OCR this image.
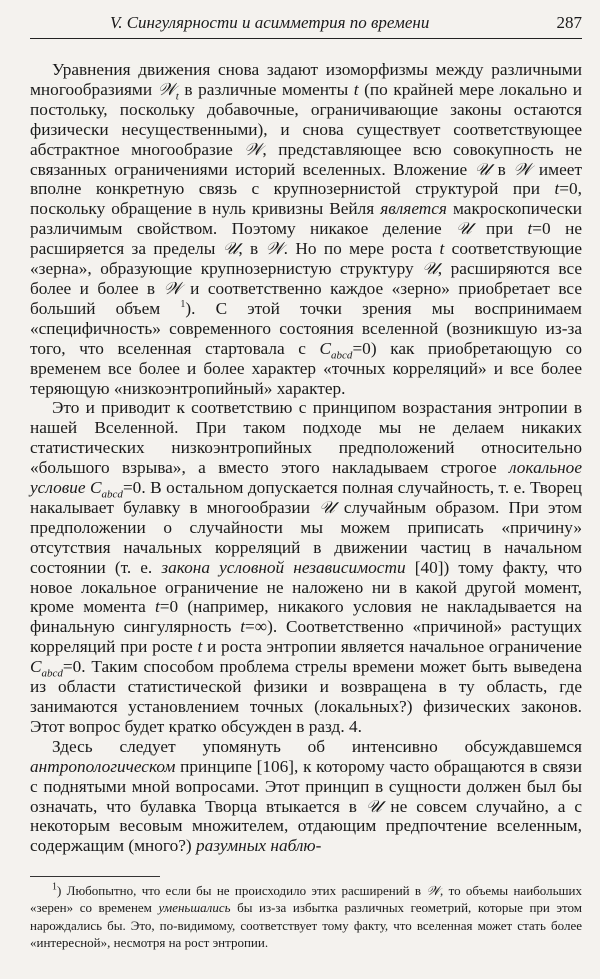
V. Сингулярности и асимметрия по времени	287

Уравнения движения снова задают изоморфизмы между различными многообразиями 𝒲$_t$ в различные моменты t (по крайней мере локально и постольку, поскольку добавочные, ограничивающие законы остаются физически несущественными), и снова существует соответствующее абстрактное многообразие 𝒲, представляющее всю совокупность не связанных ограничениями историй вселенных. Вложение 𝒰 в 𝒲 имеет вполне конкретную связь с крупнозернистой структурой при t=0, поскольку обращение в нуль кривизны Вейля является макроскопически различимым свойством. Поэтому никакое деление 𝒰 при t=0 не расширяется за пределы 𝒰, в 𝒲. Но по мере роста t соответствующие «зерна», образующие крупнозернистую структуру 𝒰, расширяются все более и более в 𝒲 и соответственно каждое «зерно» приобретает все больший объем $^1$). С этой точки зрения мы воспринимаем «специфичность» современного состояния вселенной (возникшую из-за того, что вселенная стартовала с $C_{abcd}=0$) как приобретающую со временем все более и более характер «точных корреляций» и все более теряющую «низкоэнтропийный» характер.

Это и приводит к соответствию с принципом возрастания энтропии в нашей Вселенной. При таком подходе мы не делаем никаких статистических низкоэнтропийных предположений относительно «большого взрыва», а вместо этого накладываем строгое локальное условие $C_{abcd}=0$. В остальном допускается полная случайность, т. е. Творец накалывает булавку в многообразии 𝒰 случайным образом. При этом предположении о случайности мы можем приписать «причину» отсутствия начальных корреляций в движении частиц в начальном состоянии (т. е. закона условной независимости [40]) тому факту, что новое локальное ограничение не наложено ни в какой другой момент, кроме момента t=0 (например, никакого условия не накладывается на финальную сингулярность t=∞). Соответственно «причиной» растущих корреляций при росте t и роста энтропии является начальное ограничение $C_{abcd}=0$. Таким способом проблема стрелы времени может быть выведена из области статистической физики и возвращена в ту область, где занимаются установлением точных (локальных?) физических законов. Этот вопрос будет кратко обсужден в разд. 4.

Здесь следует упомянуть об интенсивно обсуждавшемся антропологическом принципе [106], к которому часто обращаются в связи с поднятыми мной вопросами. Этот принцип в сущности должен был бы означать, что булавка Творца втыкается в 𝒰 не совсем случайно, а с некоторым весовым множителем, отдающим предпочтение вселенным, содержащим (много?) разумных наблю-

$^1$) Любопытно, что если бы не происходило этих расширений в 𝒲, то объемы наибольших «зерен» со временем уменьшались бы из-за избытка различных геометрий, которые при этом нарождались бы. Это, по-видимому, соответствует тому факту, что вселенная может стать более «интересной», несмотря на рост энтропии.
